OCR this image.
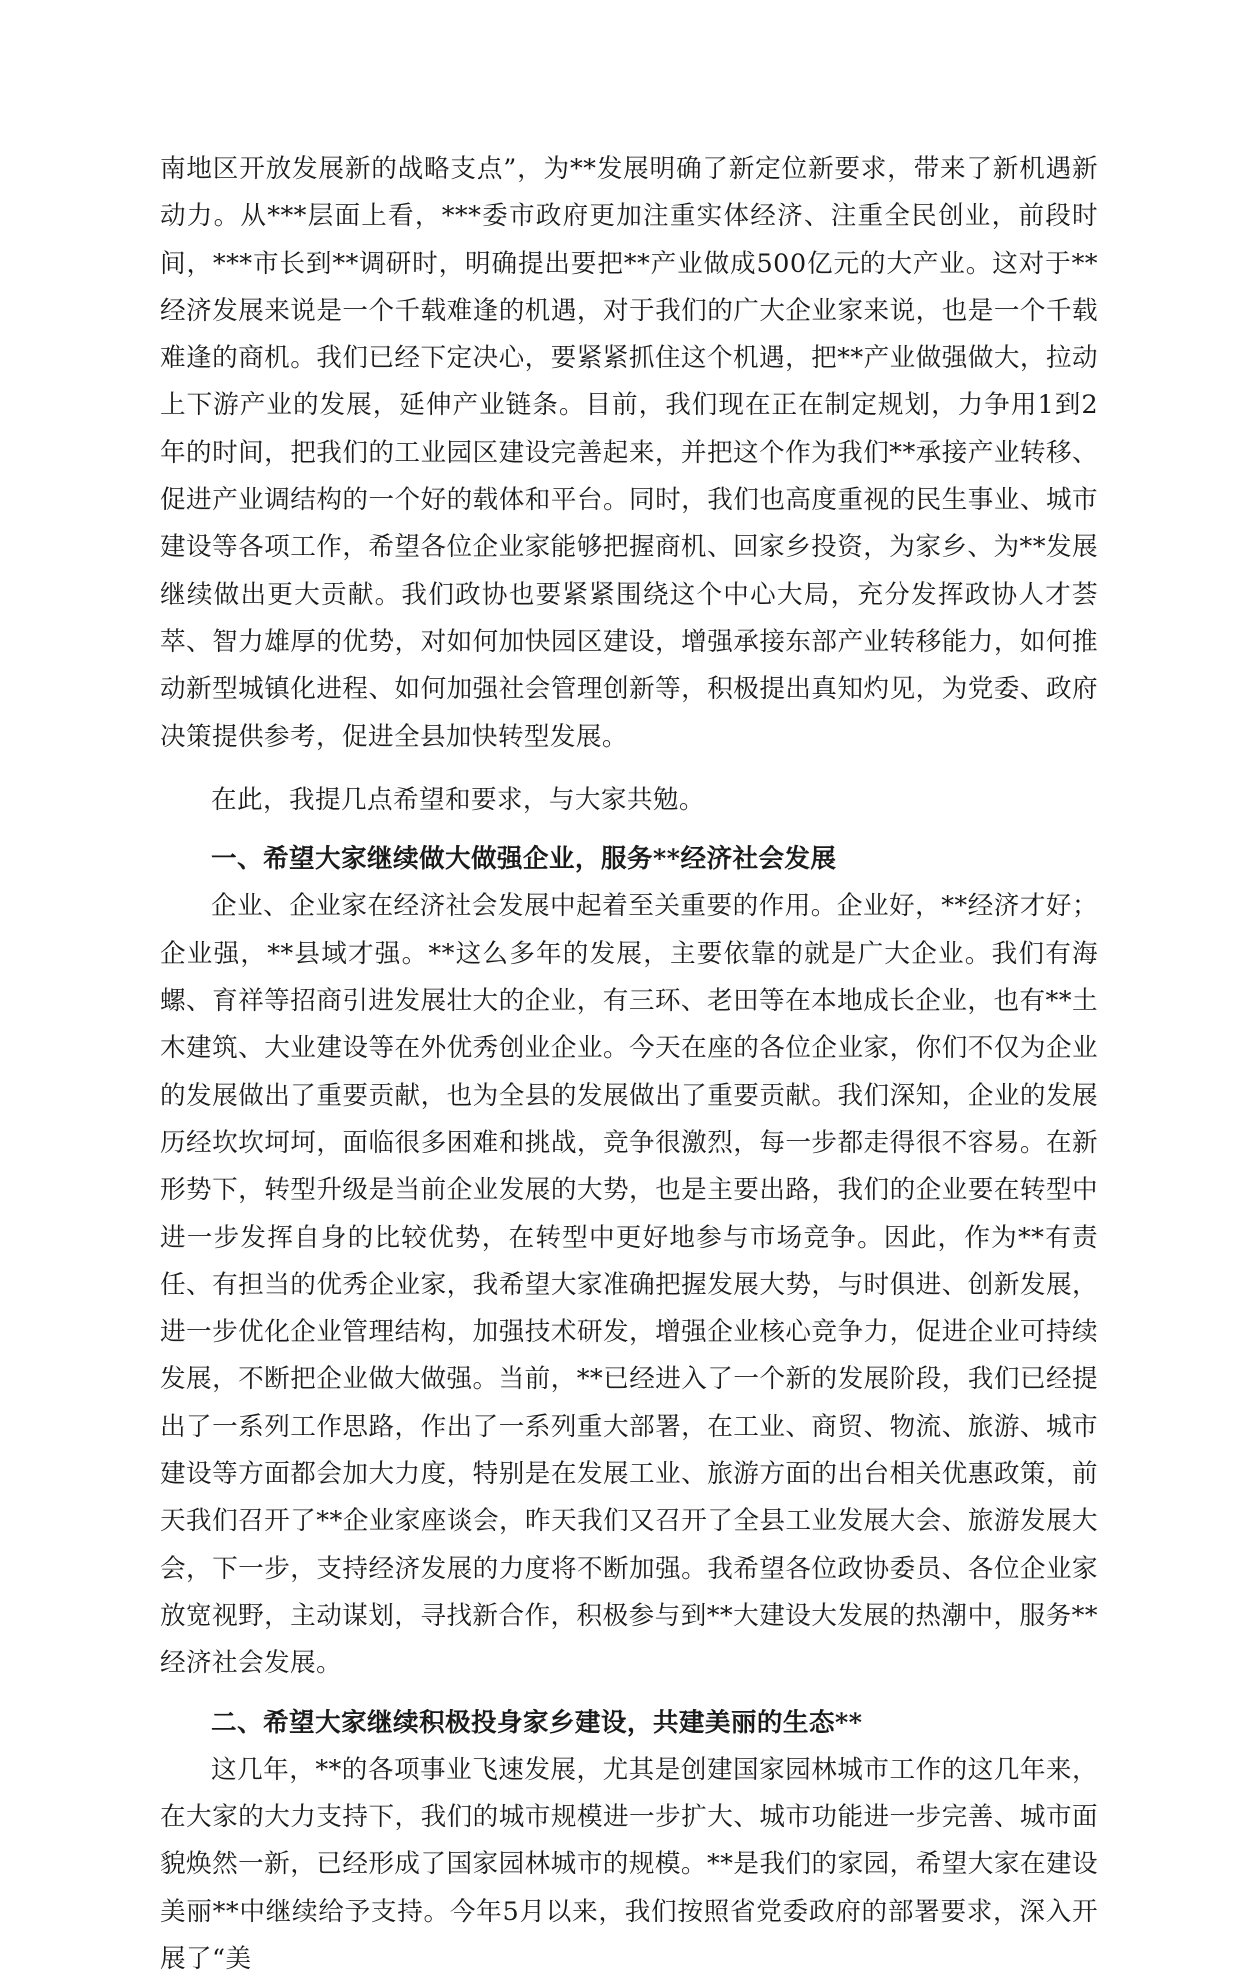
南地区开放发展新的战略支点”，为**发展明确了新定位新要求，带来了新机遇新动力。从***层面上看，***委市政府更加注重实体经济、注重全民创业，前段时间，***市长到**调研时，明确提出要把**产业做成500亿元的大产业。这对于**经济发展来说是一个千载难逢的机遇，对于我们的广大企业家来说，也是一个千载难逢的商机。我们已经下定决心，要紧紧抓住这个机遇，把**产业做强做大，拉动上下游产业的发展，延伸产业链条。目前，我们现在正在制定规划，力争用1到2年的时间，把我们的工业园区建设完善起来，并把这个作为我们**承接产业转移、促进产业调结构的一个好的载体和平台。同时，我们也高度重视的民生事业、城市建设等各项工作，希望各位企业家能够把握商机、回家乡投资，为家乡、为**发展继续做出更大贡献。我们政协也要紧紧围绕这个中心大局，充分发挥政协人才荟萃、智力雄厚的优势，对如何加快园区建设，增强承接东部产业转移能力，如何推动新型城镇化进程、如何加强社会管理创新等，积极提出真知灼见，为党委、政府决策提供参考，促进全县加快转型发展。

在此，我提几点希望和要求，与大家共勉。

一、希望大家继续做大做强企业，服务**经济社会发展

企业、企业家在经济社会发展中起着至关重要的作用。企业好，**经济才好；企业强，**县域才强。**这么多年的发展，主要依靠的就是广大企业。我们有海螺、育祥等招商引进发展壮大的企业，有三环、老田等在本地成长企业，也有**土木建筑、大业建设等在外优秀创业企业。今天在座的各位企业家，你们不仅为企业的发展做出了重要贡献，也为全县的发展做出了重要贡献。我们深知，企业的发展历经坎坎坷坷，面临很多困难和挑战，竞争很激烈，每一步都走得很不容易。在新形势下，转型升级是当前企业发展的大势，也是主要出路，我们的企业要在转型中进一步发挥自身的比较优势，在转型中更好地参与市场竞争。因此，作为**有责任、有担当的优秀企业家，我希望大家准确把握发展大势，与时俱进、创新发展，进一步优化企业管理结构，加强技术研发，增强企业核心竞争力，促进企业可持续发展，不断把企业做大做强。当前，**已经进入了一个新的发展阶段，我们已经提出了一系列工作思路，作出了一系列重大部署，在工业、商贸、物流、旅游、城市建设等方面都会加大力度，特别是在发展工业、旅游方面的出台相关优惠政策，前天我们召开了**企业家座谈会，昨天我们又召开了全县工业发展大会、旅游发展大会，下一步，支持经济发展的力度将不断加强。我希望各位政协委员、各位企业家放宽视野，主动谋划，寻找新合作，积极参与到**大建设大发展的热潮中，服务**经济社会发展。

二、希望大家继续积极投身家乡建设，共建美丽的生态**

这几年，**的各项事业飞速发展，尤其是创建国家园林城市工作的这几年来，在大家的大力支持下，我们的城市规模进一步扩大、城市功能进一步完善、城市面貌焕然一新，已经形成了国家园林城市的规模。**是我们的家园，希望大家在建设美丽**中继续给予支持。今年5月以来，我们按照省党委政府的部署要求，深入开展了“美
